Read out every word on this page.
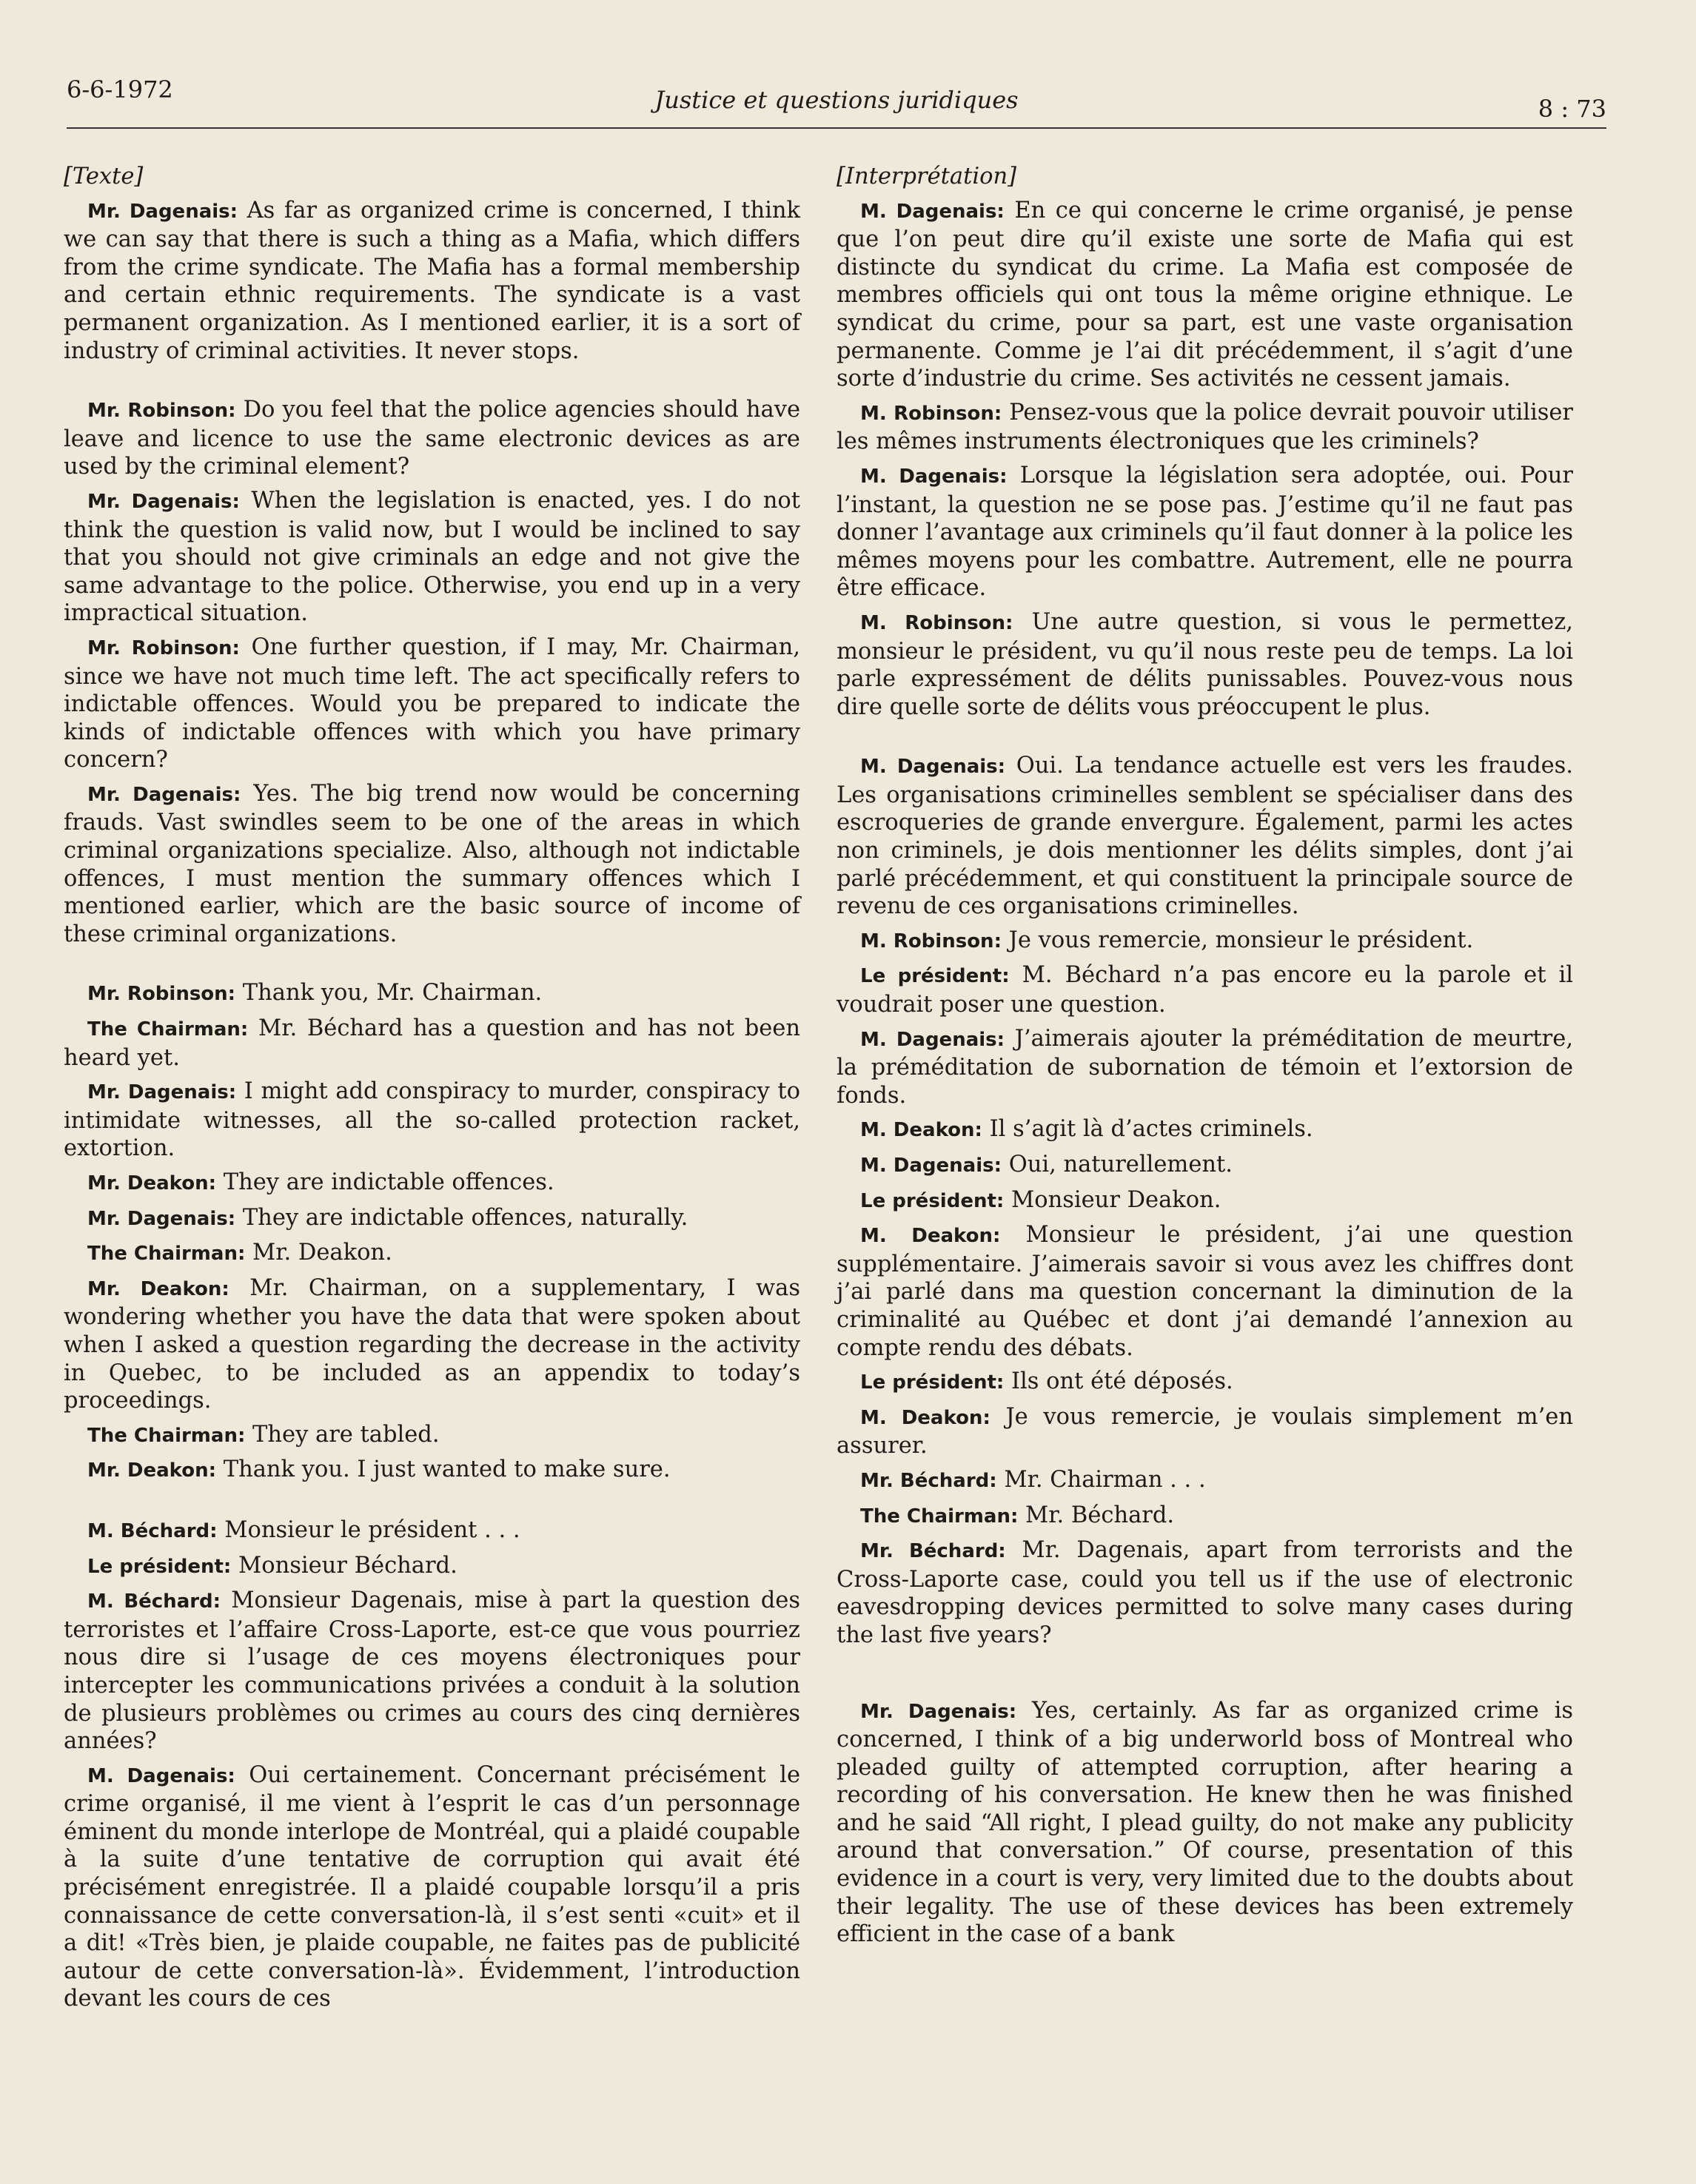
6-6-1972	Justice et questions juridiques	8 : 73
[Texte]

Mr. Dagenais: As far as organized crime is concerned, I think we can say that there is such a thing as a Mafia, which differs from the crime syndicate. The Mafia has a formal membership and certain ethnic requirements. The syndicate is a vast permanent organization. As I mentioned earlier, it is a sort of industry of criminal activities. It never stops.

Mr. Robinson: Do you feel that the police agencies should have leave and licence to use the same electronic devices as are used by the criminal element?

Mr. Dagenais: When the legislation is enacted, yes. I do not think the question is valid now, but I would be inclined to say that you should not give criminals an edge and not give the same advantage to the police. Otherwise, you end up in a very impractical situation.

Mr. Robinson: One further question, if I may, Mr. Chairman, since we have not much time left. The act specifically refers to indictable offences. Would you be prepared to indicate the kinds of indictable offences with which you have primary concern?

Mr. Dagenais: Yes. The big trend now would be concerning frauds. Vast swindles seem to be one of the areas in which criminal organizations specialize. Also, although not indictable offences, I must mention the summary offences which I mentioned earlier, which are the basic source of income of these criminal organizations.

Mr. Robinson: Thank you, Mr. Chairman.

The Chairman: Mr. Béchard has a question and has not been heard yet.

Mr. Dagenais: I might add conspiracy to murder, conspiracy to intimidate witnesses, all the so-called protection racket, extortion.

Mr. Deakon: They are indictable offences.

Mr. Dagenais: They are indictable offences, naturally.

The Chairman: Mr. Deakon.

Mr. Deakon: Mr. Chairman, on a supplementary, I was wondering whether you have the data that were spoken about when I asked a question regarding the decrease in the activity in Quebec, to be included as an appendix to today’s proceedings.

The Chairman: They are tabled.

Mr. Deakon: Thank you. I just wanted to make sure.

M. Béchard: Monsieur le président . . .

Le président: Monsieur Béchard.

M. Béchard: Monsieur Dagenais, mise à part la question des terroristes et l’affaire Cross-Laporte, est-ce que vous pourriez nous dire si l’usage de ces moyens électroniques pour intercepter les communications privées a conduit à la solution de plusieurs problèmes ou crimes au cours des cinq dernières années?

M. Dagenais: Oui certainement. Concernant précisément le crime organisé, il me vient à l’esprit le cas d’un personnage éminent du monde interlope de Montréal, qui a plaidé coupable à la suite d’une tentative de corruption qui avait été précisément enregistrée. Il a plaidé coupable lorsqu’il a pris connaissance de cette conversation-là, il s’est senti «cuit» et il a dit! «Très bien, je plaide coupable, ne faites pas de publicité autour de cette conversation-là». Évidemment, l’introduction devant les cours de ces

[Interprétation]

M. Dagenais: En ce qui concerne le crime organisé, je pense que l’on peut dire qu’il existe une sorte de Mafia qui est distincte du syndicat du crime. La Mafia est composée de membres officiels qui ont tous la même origine ethnique. Le syndicat du crime, pour sa part, est une vaste organisation permanente. Comme je l’ai dit précédemment, il s’agit d’une sorte d’industrie du crime. Ses activités ne cessent jamais.

M. Robinson: Pensez-vous que la police devrait pouvoir utiliser les mêmes instruments électroniques que les criminels?

M. Dagenais: Lorsque la législation sera adoptée, oui. Pour l’instant, la question ne se pose pas. J’estime qu’il ne faut pas donner l’avantage aux criminels qu’il faut donner à la police les mêmes moyens pour les combattre. Autrement, elle ne pourra être efficace.

M. Robinson: Une autre question, si vous le permettez, monsieur le président, vu qu’il nous reste peu de temps. La loi parle expressément de délits punissables. Pouvez-vous nous dire quelle sorte de délits vous préoccupent le plus.

M. Dagenais: Oui. La tendance actuelle est vers les fraudes. Les organisations criminelles semblent se spécialiser dans des escroqueries de grande envergure. Également, parmi les actes non criminels, je dois mentionner les délits simples, dont j’ai parlé précédemment, et qui constituent la principale source de revenu de ces organisations criminelles.

M. Robinson: Je vous remercie, monsieur le président.

Le président: M. Béchard n’a pas encore eu la parole et il voudrait poser une question.

M. Dagenais: J’aimerais ajouter la préméditation de meurtre, la préméditation de subornation de témoin et l’extorsion de fonds.

M. Deakon: Il s’agit là d’actes criminels.

M. Dagenais: Oui, naturellement.

Le président: Monsieur Deakon.

M. Deakon: Monsieur le président, j’ai une question supplémentaire. J’aimerais savoir si vous avez les chiffres dont j’ai parlé dans ma question concernant la diminution de la criminalité au Québec et dont j’ai demandé l’annexion au compte rendu des débats.

Le président: Ils ont été déposés.

M. Deakon: Je vous remercie, je voulais simplement m’en assurer.

Mr. Béchard: Mr. Chairman . . .

The Chairman: Mr. Béchard.

Mr. Béchard: Mr. Dagenais, apart from terrorists and the Cross-Laporte case, could you tell us if the use of electronic eavesdropping devices permitted to solve many cases during the last five years?

Mr. Dagenais: Yes, certainly. As far as organized crime is concerned, I think of a big underworld boss of Montreal who pleaded guilty of attempted corruption, after hearing a recording of his conversation. He knew then he was finished and he said “All right, I plead guilty, do not make any publicity around that conversation.” Of course, presentation of this evidence in a court is very, very limited due to the doubts about their legality. The use of these devices has been extremely efficient in the case of a bank
